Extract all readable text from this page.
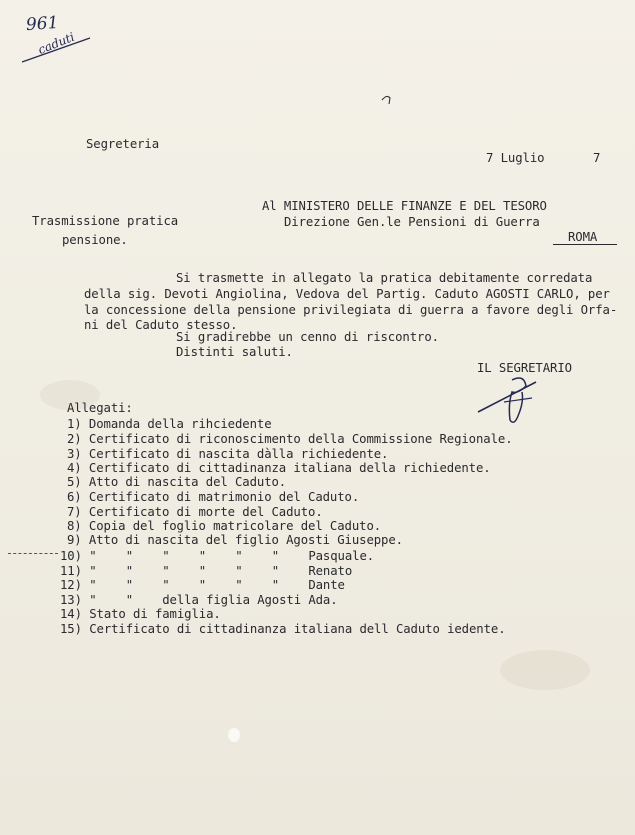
961
caduti
Segreteria
7 Luglio	7
Al MINISTERO DELLE FINANZE E DEL TESORO
Direzione Gen.le Pensioni di Guerra
ROMA
Trasmissione pratica
pensione.
Si trasmette in allegato la pratica debitamente corredata
della sig. Devoti Angiolina, Vedova del Partig. Caduto AGOSTI CARLO, per
la concessione della pensione privilegiata di guerra a favore degli Orfa-
ni del Caduto stesso.
Si gradirebbe un cenno di riscontro.
Distinti saluti.
IL SEGRETARIO
Allegati:
1) Domanda della rihciedente
2) Certificato di riconoscimento della Commissione Regionale.
3) Certificato di nascita dàlla richiedente.
4) Certificato di cittadinanza italiana della richiedente.
5) Atto di nascita del Caduto.
6) Certificato di matrimonio del Caduto.
7) Certificato di morte del Caduto.
8) Copia del foglio matricolare del Caduto.
9) Atto di nascita del figlio Agosti Giuseppe.
10) "    "    "    "    "    "    Pasquale.
11) "    "    "    "    "    "    Renato
12) "    "    "    "    "    "    Dante
13) "    "    della figlia Agosti Ada.
14) Stato di famiglia.
15) Certificato di cittadinanza italiana dell Caduto iedente.
